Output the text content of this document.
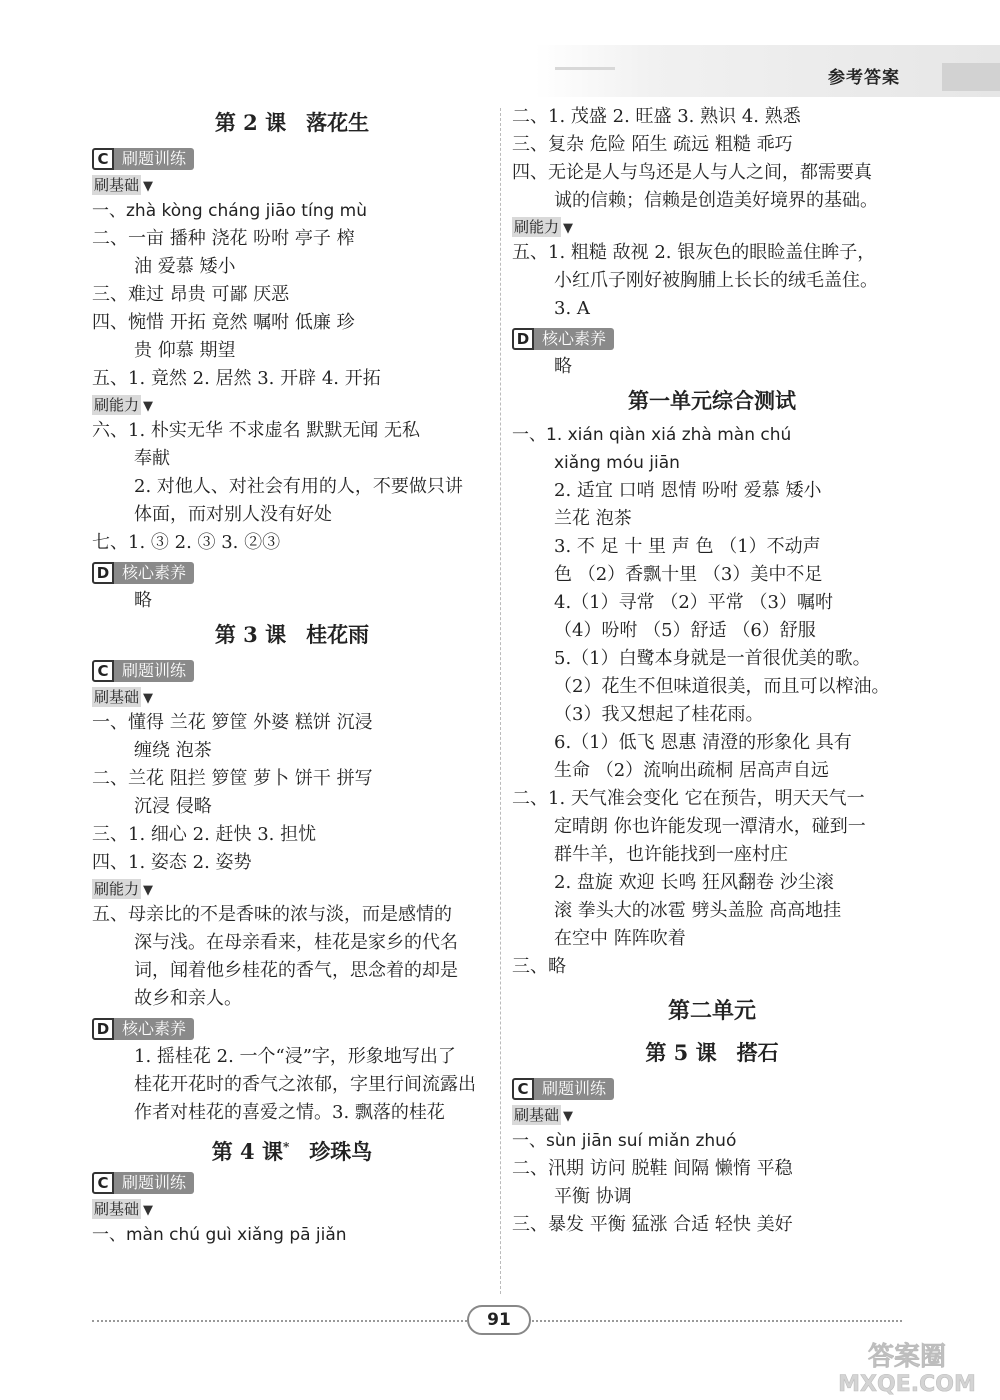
参考答案
第 2 课 落花生
C 刷题训练
刷基础 ▼
一、zhà kòng cháng jiāo tíng mù
二、一亩 播种 浇花 吩咐 亭子 榨
油 爱慕 矮小
三、难过 昂贵 可鄙 厌恶
四、惋惜 开拓 竟然 嘱咐 低廉 珍
贵 仰慕 期望
五、1. 竟然 2. 居然 3. 开辟 4. 开拓
刷能力 ▼
六、1. 朴实无华 不求虚名 默默无闻 无私
奉献
2. 对他人、对社会有用的人，不要做只讲
体面，而对别人没有好处
七、1. ③ 2. ③ 3. ②③
D 核心素养
略
第 3 课 桂花雨
C 刷题训练
刷基础 ▼
一、懂得 兰花 箩筐 外婆 糕饼 沉浸
缠绕 泡茶
二、兰花 阻拦 箩筐 萝卜 饼干 拼写
沉浸 侵略
三、1. 细心 2. 赶快 3. 担忧
四、1. 姿态 2. 姿势
刷能力 ▼
五、母亲比的不是香味的浓与淡，而是感情的
深与浅。在母亲看来，桂花是家乡的代名
词，闻着他乡桂花的香气，思念着的却是
故乡和亲人。
D 核心素养
1. 摇桂花 2. 一个“浸”字，形象地写出了
桂花开花时的香气之浓郁，字里行间流露出
作者对桂花的喜爱之情。3. 飘落的桂花
第 4 课* 珍珠鸟
C 刷题训练
刷基础 ▼
一、màn chú guì xiǎng pā jiǎn
二、1. 茂盛 2. 旺盛 3. 熟识 4. 熟悉
三、复杂 危险 陌生 疏远 粗糙 乖巧
四、无论是人与鸟还是人与人之间，都需要真
诚的信赖；信赖是创造美好境界的基础。
刷能力 ▼
五、1. 粗糙 敌视 2. 银灰色的眼睑盖住眸子，
小红爪子刚好被胸脯上长长的绒毛盖住。
3. A
D 核心素养
略
第一单元综合测试
一、1. xián qiàn xiá zhà màn chú
xiǎng móu jiān
2. 适宜 口哨 恩情 吩咐 爱慕 矮小
兰花 泡茶
3. 不 足 十 里 声 色 （1）不动声
色 （2）香飘十里 （3）美中不足
4.（1）寻常 （2）平常 （3）嘱咐
（4）吩咐 （5）舒适 （6）舒服
5.（1）白鹭本身就是一首很优美的歌。
（2）花生不但味道很美，而且可以榨油。
（3）我又想起了桂花雨。
6.（1）低飞 恩惠 清澄的形象化 具有
生命 （2）流响出疏桐 居高声自远
二、1. 天气准会变化 它在预告，明天天气一
定晴朗 你也许能发现一潭清水，碰到一
群牛羊，也许能找到一座村庄
2. 盘旋 欢迎 长鸣 狂风翻卷 沙尘滚
滚 拳头大的冰雹 劈头盖脸 高高地挂
在空中 阵阵吹着
三、略
第二单元
第 5 课 搭石
C 刷题训练
刷基础 ▼
一、sùn jiān suí miǎn zhuó
二、汛期 访问 脱鞋 间隔 懒惰 平稳
平衡 协调
三、暴发 平衡 猛涨 合适 轻快 美好
91
答案圈
MXQE.COM
